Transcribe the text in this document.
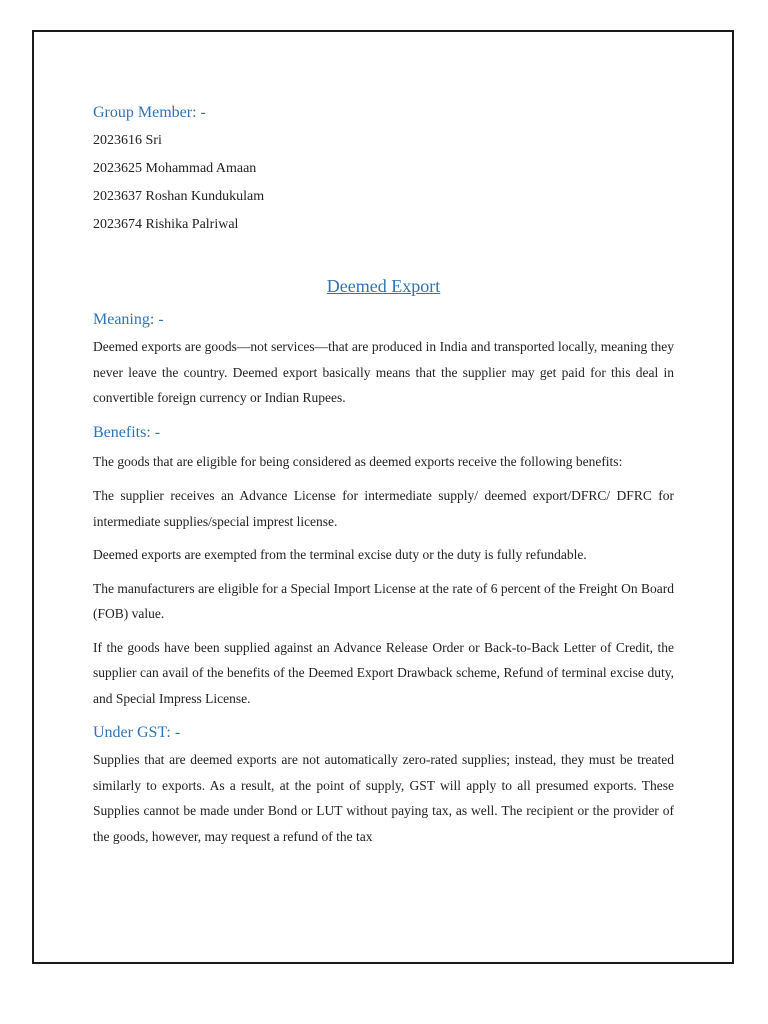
Group Member: -

2023616 Sri
2023625 Mohammad Amaan
2023637 Roshan Kundukulam
2023674 Rishika Palriwal

Deemed Export

Meaning: -

Deemed exports are goods—not services—that are produced in India and transported locally, meaning they never leave the country. Deemed export basically means that the supplier may get paid for this deal in convertible foreign currency or Indian Rupees.

Benefits: -

The goods that are eligible for being considered as deemed exports receive the following benefits:

The supplier receives an Advance License for intermediate supply/ deemed export/DFRC/ DFRC for intermediate supplies/special imprest license.

Deemed exports are exempted from the terminal excise duty or the duty is fully refundable.

The manufacturers are eligible for a Special Import License at the rate of 6 percent of the Freight On Board (FOB) value.

If the goods have been supplied against an Advance Release Order or Back-to-Back Letter of Credit, the supplier can avail of the benefits of the Deemed Export Drawback scheme, Refund of terminal excise duty, and Special Impress License.

Under GST: -

Supplies that are deemed exports are not automatically zero-rated supplies; instead, they must be treated similarly to exports. As a result, at the point of supply, GST will apply to all presumed exports. These Supplies cannot be made under Bond or LUT without paying tax, as well. The recipient or the provider of the goods, however, may request a refund of the tax
